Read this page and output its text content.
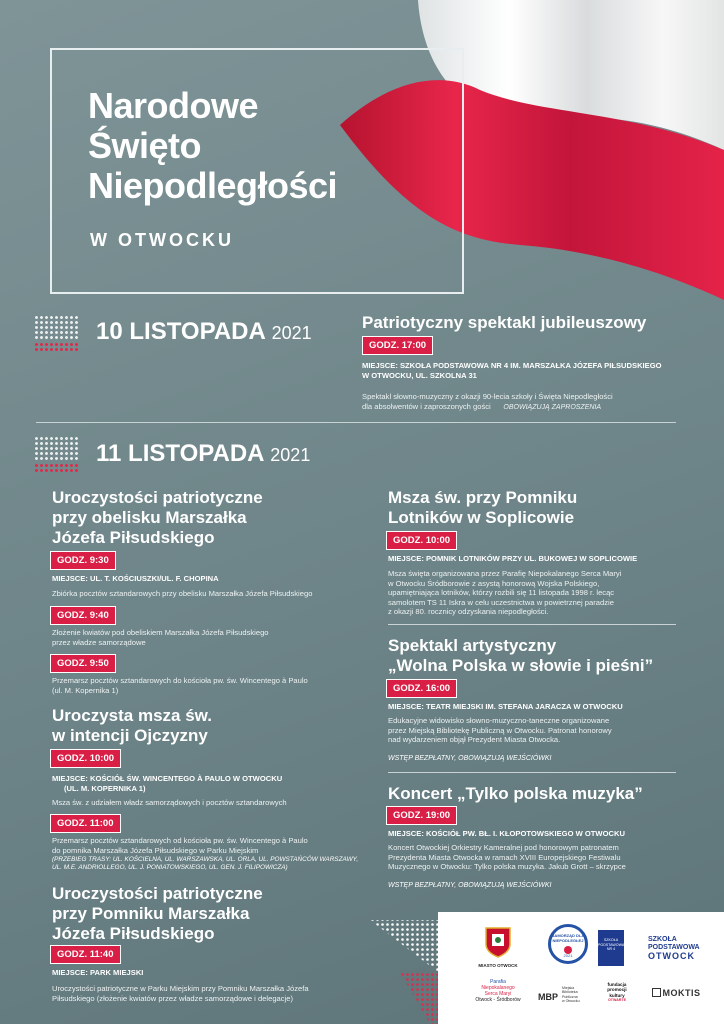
Narodowe
Święto
Niepodległości
W OTWOCKU
10 LISTOPADA 2021
Patriotyczny spektakl jubileuszowy
GODZ. 17:00
MIEJSCE: SZKOŁA PODSTAWOWA NR 4 IM. MARSZAŁKA JÓZEFA PIŁSUDSKIEGO
W OTWOCKU, UL. SZKOLNA 31
Spektakl słowno-muzyczny z okazji 90-lecia szkoły i Święta Niepodległości
dla absolwentów i zaproszonych gości OBOWIĄZUJĄ ZAPROSZENIA
11 LISTOPADA 2021
Uroczystości patriotyczne
przy obelisku Marszałka
Józefa Piłsudskiego
GODZ. 9:30
MIEJSCE: UL. T. KOŚCIUSZKI/UL. F. CHOPINA
Zbiórka pocztów sztandarowych przy obelisku Marszałka Józefa Piłsudskiego
GODZ. 9:40
Złożenie kwiatów pod obeliskiem Marszałka Józefa Piłsudskiego
przez władze samorządowe
GODZ. 9:50
Przemarsz pocztów sztandarowych do kościoła pw. św. Wincentego à Paulo
(ul. M. Kopernika 1)
Uroczysta msza św.
w intencji Ojczyzny
GODZ. 10:00
MIEJSCE: KOŚCIÓŁ ŚW. WINCENTEGO À PAULO W OTWOCKU
(UL. M. KOPERNIKA 1)
Msza św. z udziałem władz samorządowych i pocztów sztandarowych
GODZ. 11:00
Przemarsz pocztów sztandarowych od kościoła pw. św. Wincentego à Paulo
do pomnika Marszałka Józefa Piłsudskiego w Parku Miejskim
(PRZEBIEG TRASY: UL. KOŚCIELNA, UL. WARSZAWSKA, UL. ORLA, UL. POWSTAŃCÓW WARSZAWY,
UL. M.E. ANDRIOLLEGO, UL. J. PONIATOWSKIEGO, UL. GEN. J. FILIPOWICZA)
Uroczystości patriotyczne
przy Pomniku Marszałka
Józefa Piłsudskiego
GODZ. 11:40
MIEJSCE: PARK MIEJSKI
Uroczystości patriotyczne w Parku Miejskim przy Pomniku Marszałka Józefa
Piłsudskiego (złożenie kwiatów przez władze samorządowe i delegacje)
Msza św. przy Pomniku
Lotników w Soplicowie
GODZ. 10:00
MIEJSCE: POMNIK LOTNIKÓW PRZY UL. BUKOWEJ W SOPLICOWIE
Msza święta organizowana przez Parafię Niepokalanego Serca Maryi
w Otwocku Śródborowie z asystą honorową Wojska Polskiego,
upamiętniająca lotników, którzy rozbili się 11 listopada 1998 r. lecąc
samolotem TS 11 Iskra w celu uczestnictwa w powietrznej paradzie
z okazji 80. rocznicy odzyskania niepodległości.
Spektakl artystyczny
„Wolna Polska w słowie i pieśni”
GODZ. 16:00
MIEJSCE: TEATR MIEJSKI IM. STEFANA JARACZA W OTWOCKU
Edukacyjne widowisko słowno-muzyczno-taneczne organizowane
przez Miejską Bibliotekę Publiczną w Otwocku. Patronat honorowy
nad wydarzeniem objął Prezydent Miasta Otwocka.
WSTĘP BEZPŁATNY, OBOWIĄZUJĄ WEJŚCIÓWKI
Koncert „Tylko polska muzyka”
GODZ. 19:00
MIEJSCE: KOŚCIÓŁ PW. BŁ. I. KŁOPOTOWSKIEGO W OTWOCKU
Koncert Otwockiej Orkiestry Kameralnej pod honorowym patronatem
Prezydenta Miasta Otwocka w ramach XVIII Europejskiego Festiwalu
Muzycznego w Otwocku: Tylko polska muzyka. Jakub Grott – skrzypce
WSTĘP BEZPŁATNY, OBOWIĄZUJĄ WEJŚCIÓWKI
MIASTO OTWOCK
SAMORZĄD DLA
NIEPODLEGŁEJ
2021
SZKOŁA
PODSTAWOWA
NR 4
SZKOŁA
PODSTAWOWA
OTWOCK
Parafia
Niepokalanego
Serca Maryi
Otwock - Śródborów	MBP
Miejska
Biblioteka
Publiczna
w Otwocku
fundacja
promocji
kultury
OTWARTE
MOKTIS
